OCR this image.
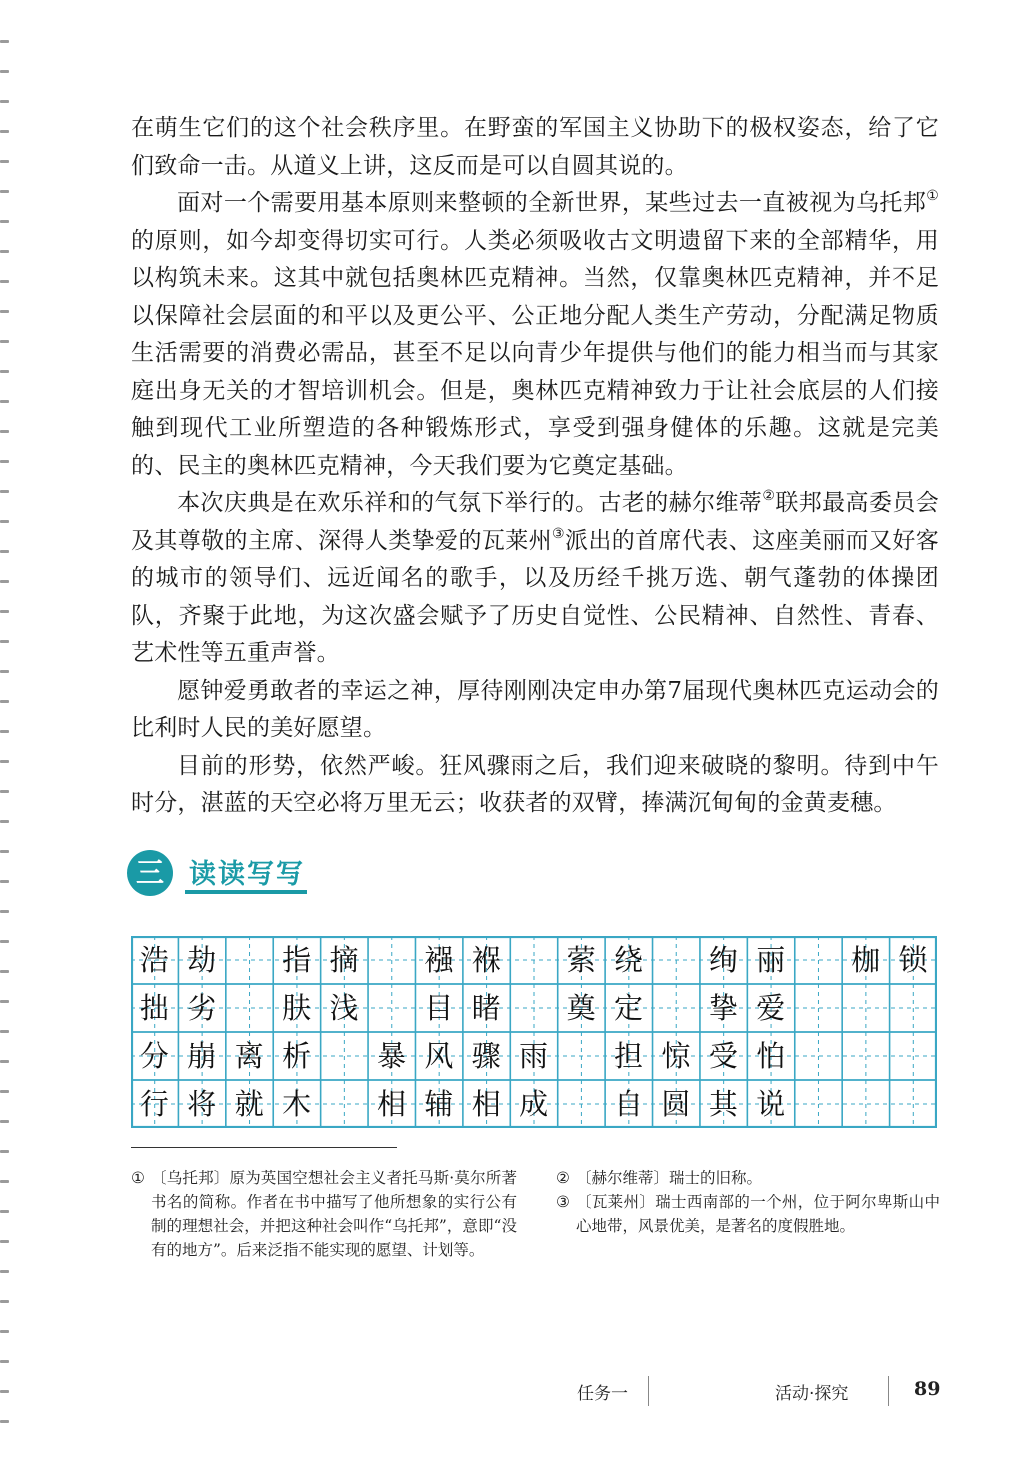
在萌生它们的这个社会秩序里。在野蛮的军国主义协助下的极权姿态，给了它们致命一击。从道义上讲，这反而是可以自圆其说的。

面对一个需要用基本原则来整顿的全新世界，某些过去一直被视为乌托邦①的原则，如今却变得切实可行。人类必须吸收古文明遗留下来的全部精华，用以构筑未来。这其中就包括奥林匹克精神。当然，仅靠奥林匹克精神，并不足以保障社会层面的和平以及更公平、公正地分配人类生产劳动，分配满足物质生活需要的消费必需品，甚至不足以向青少年提供与他们的能力相当而与其家庭出身无关的才智培训机会。但是，奥林匹克精神致力于让社会底层的人们接触到现代工业所塑造的各种锻炼形式，享受到强身健体的乐趣。这就是完美的、民主的奥林匹克精神，今天我们要为它奠定基础。

本次庆典是在欢乐祥和的气氛下举行的。古老的赫尔维蒂②联邦最高委员会及其尊敬的主席、深得人类挚爱的瓦莱州③派出的首席代表、这座美丽而又好客的城市的领导们、远近闻名的歌手，以及历经千挑万选、朝气蓬勃的体操团队，齐聚于此地，为这次盛会赋予了历史自觉性、公民精神、自然性、青春、艺术性等五重声誉。

愿钟爱勇敢者的幸运之神，厚待刚刚决定申办第7届现代奥林匹克运动会的比利时人民的美好愿望。

目前的形势，依然严峻。狂风骤雨之后，我们迎来破晓的黎明。待到中午时分，湛蓝的天空必将万里无云；收获者的双臂，捧满沉甸甸的金黄麦穗。

三 读读写写
浩 劫	指 摘	襁 褓	萦 绕	绚 丽	枷 锁
拙 劣	肤 浅	目 睹	奠 定	挚 爱
分 崩 离 析	暴 风 骤 雨	担 惊 受 怕
行 将 就 木	相 辅 相 成	自 圆 其 说

① 〔乌托邦〕原为英国空想社会主义者托马斯·莫尔所著书名的简称。作者在书中描写了他所想象的实行公有制的理想社会，并把这种社会叫作“乌托邦”，意即“没有的地方”。后来泛指不能实现的愿望、计划等。

② 〔赫尔维蒂〕瑞士的旧称。

③ 〔瓦莱州〕瑞士西南部的一个州，位于阿尔卑斯山中心地带，风景优美，是著名的度假胜地。

任务一	活动·探究	89
